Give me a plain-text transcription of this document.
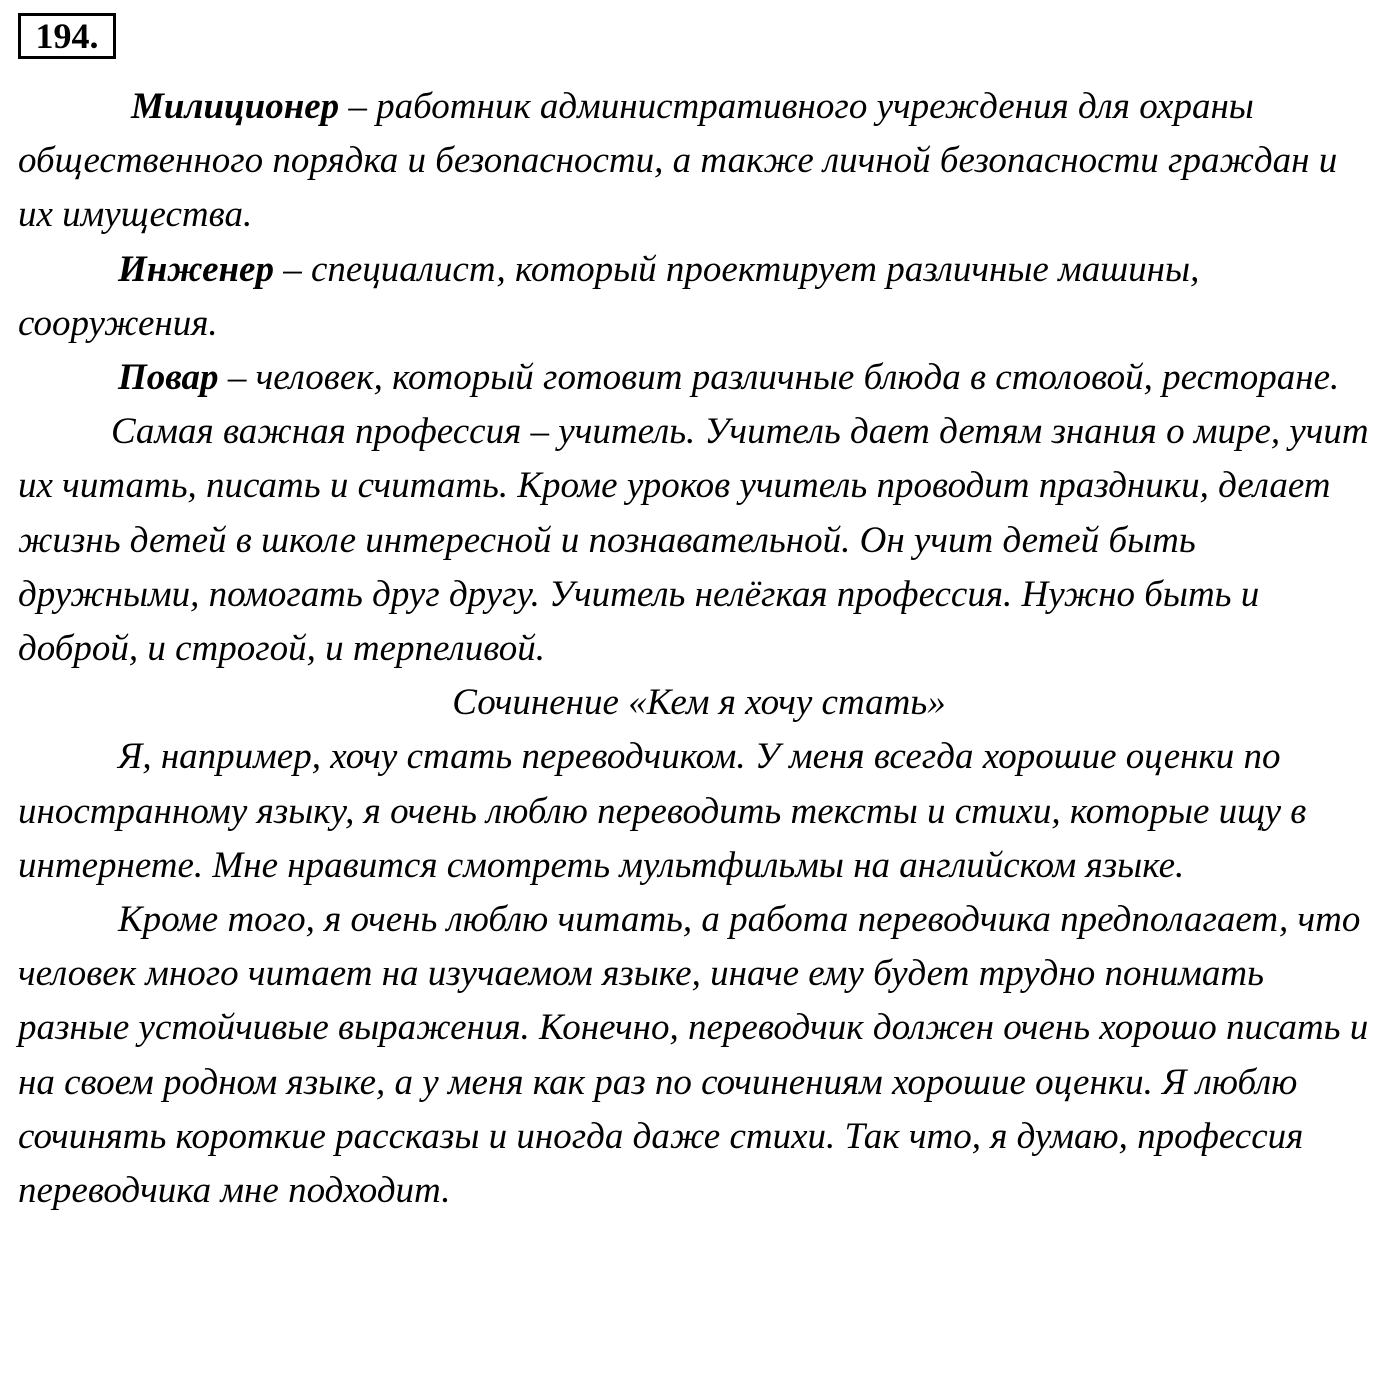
194.

Милиционер – работник административного учреждения для охраны общественного порядка и безопасности, а также личной безопасности граждан и их имущества.

Инженер – специалист, который проектирует различные машины, сооружения.

Повар – человек, который готовит различные блюда в столовой, ресторане.

Самая важная профессия – учитель. Учитель дает детям знания о мире, учит их читать, писать и считать. Кроме уроков учитель проводит праздники, делает жизнь детей в школе интересной и познавательной. Он учит детей быть дружными, помогать друг другу. Учитель нелёгкая профессия. Нужно быть и доброй, и строгой, и терпеливой.

Сочинение «Кем я хочу стать»

Я, например, хочу стать переводчиком. У меня всегда хорошие оценки по иностранному языку, я очень люблю переводить тексты и стихи, которые ищу в интернете. Мне нравится смотреть мультфильмы на английском языке.

Кроме того, я очень люблю читать, а работа переводчика предполагает, что человек много читает на изучаемом языке, иначе ему будет трудно понимать разные устойчивые выражения. Конечно, переводчик должен очень хорошо писать и на своем родном языке, а у меня как раз по сочинениям хорошие оценки. Я люблю сочинять короткие рассказы и иногда даже стихи. Так что, я думаю, профессия переводчика мне подходит.
